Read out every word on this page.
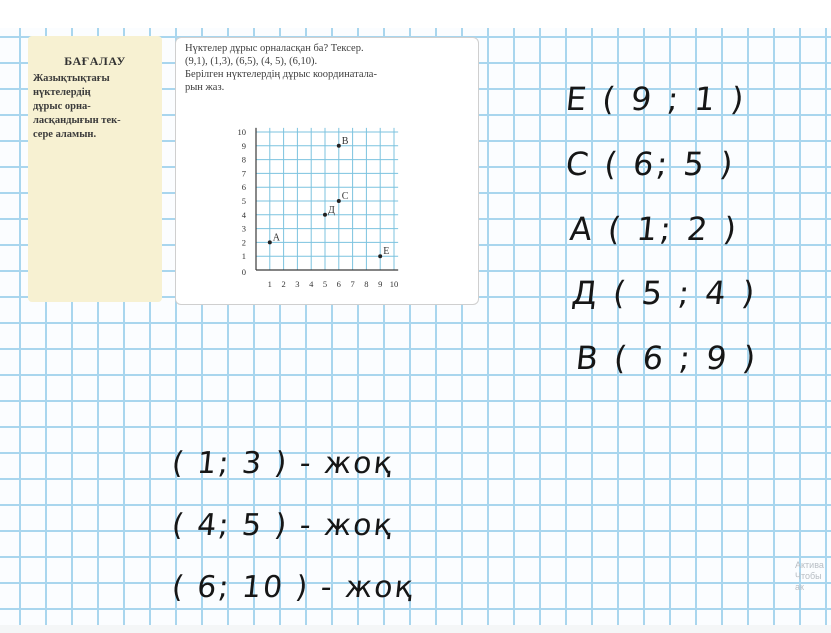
БАҒАЛАУ
Жазықтықтағы
нүктелердің
дұрыс орна-
ласқандығын тек-
сере аламын.
Нүктелер дұрыс орналасқан ба? Тексер.
(9,1), (1,3), (6,5), (4, 5), (6,10).
Берілген нүктелердің дұрыс координатала-
рын жаз.
1 2 3 4 5 6 7 8 9 10
1
2
3
4
5
6
7
8
9
10
0
B
C
Д
A
E
E ( 9 ; 1 )
C ( 6; 5 )
A ( 1; 2 )
Д ( 5 ; 4 )
B ( 6 ; 9 )
( 1; 3 ) - жоқ
( 4; 5 ) - жоқ
( 6; 10 ) - жоқ
Актива
Чтобы ак
